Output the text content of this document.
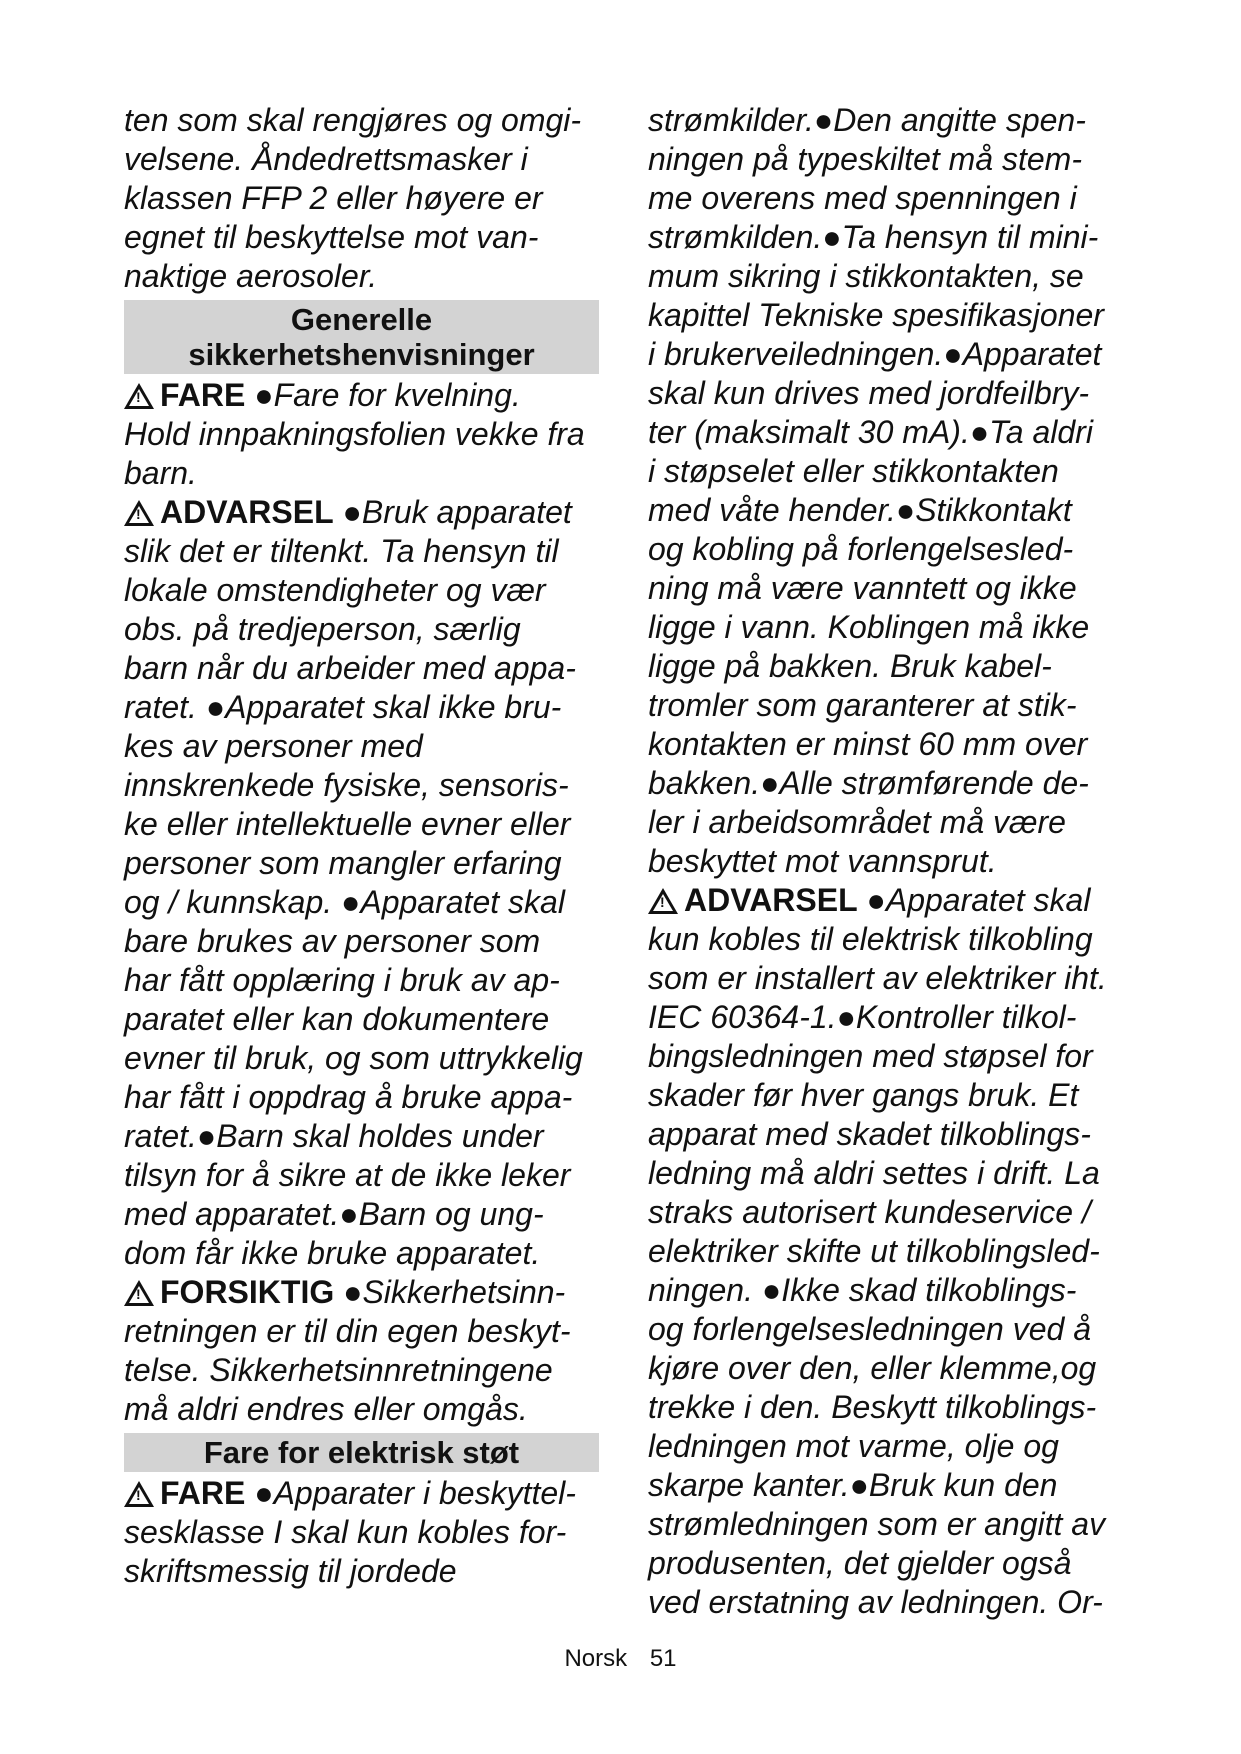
ten som skal rengjøres og omgi-
velsene. Åndedrettsmasker i
klassen FFP 2 eller høyere er
egnet til beskyttelse mot van-
naktige aerosoler.
Generelle
sikkerhetshenvisninger
!FARE ●Fare for kvelning.
Hold innpakningsfolien vekke fra
barn.
!ADVARSEL ●Bruk apparatet
slik det er tiltenkt. Ta hensyn til
lokale omstendigheter og vær
obs. på tredjeperson, særlig
barn når du arbeider med appa-
ratet. ●Apparatet skal ikke bru-
kes av personer med
innskrenkede fysiske, sensoris-
ke eller intellektuelle evner eller
personer som mangler erfaring
og / kunnskap. ●Apparatet skal
bare brukes av personer som
har fått opplæring i bruk av ap-
paratet eller kan dokumentere
evner til bruk, og som uttrykkelig
har fått i oppdrag å bruke appa-
ratet.●Barn skal holdes under
tilsyn for å sikre at de ikke leker
med apparatet.●Barn og ung-
dom får ikke bruke apparatet.
!FORSIKTIG ●Sikkerhetsinn-
retningen er til din egen beskyt-
telse. Sikkerhetsinnretningene
må aldri endres eller omgås.
Fare for elektrisk støt
!FARE ●Apparater i beskyttel-
sesklasse I skal kun kobles for-
skriftsmessig til jordede
strømkilder.●Den angitte spen-
ningen på typeskiltet må stem-
me overens med spenningen i
strømkilden.●Ta hensyn til mini-
mum sikring i stikkontakten, se
kapittel Tekniske spesifikasjoner
i brukerveiledningen.●Apparatet
skal kun drives med jordfeilbry-
ter (maksimalt 30 mA).●Ta aldri
i støpselet eller stikkontakten
med våte hender.●Stikkontakt
og kobling på forlengelsesled-
ning må være vanntett og ikke
ligge i vann. Koblingen må ikke
ligge på bakken. Bruk kabel-
tromler som garanterer at stik-
kontakten er minst 60 mm over
bakken.●Alle strømførende de-
ler i arbeidsområdet må være
beskyttet mot vannsprut.
!ADVARSEL ●Apparatet skal
kun kobles til elektrisk tilkobling
som er installert av elektriker iht.
IEC 60364-1.●Kontroller tilkol-
bingsledningen med støpsel for
skader før hver gangs bruk. Et
apparat med skadet tilkoblings-
ledning må aldri settes i drift. La
straks autorisert kundeservice /
elektriker skifte ut tilkoblingsled-
ningen. ●Ikke skad tilkoblings-
og forlengelsesledningen ved å
kjøre over den, eller klemme,og
trekke i den. Beskytt tilkoblings-
ledningen mot varme, olje og
skarpe kanter.●Bruk kun den
strømledningen som er angitt av
produsenten, det gjelder også
ved erstatning av ledningen. Or-
Norsk 51
